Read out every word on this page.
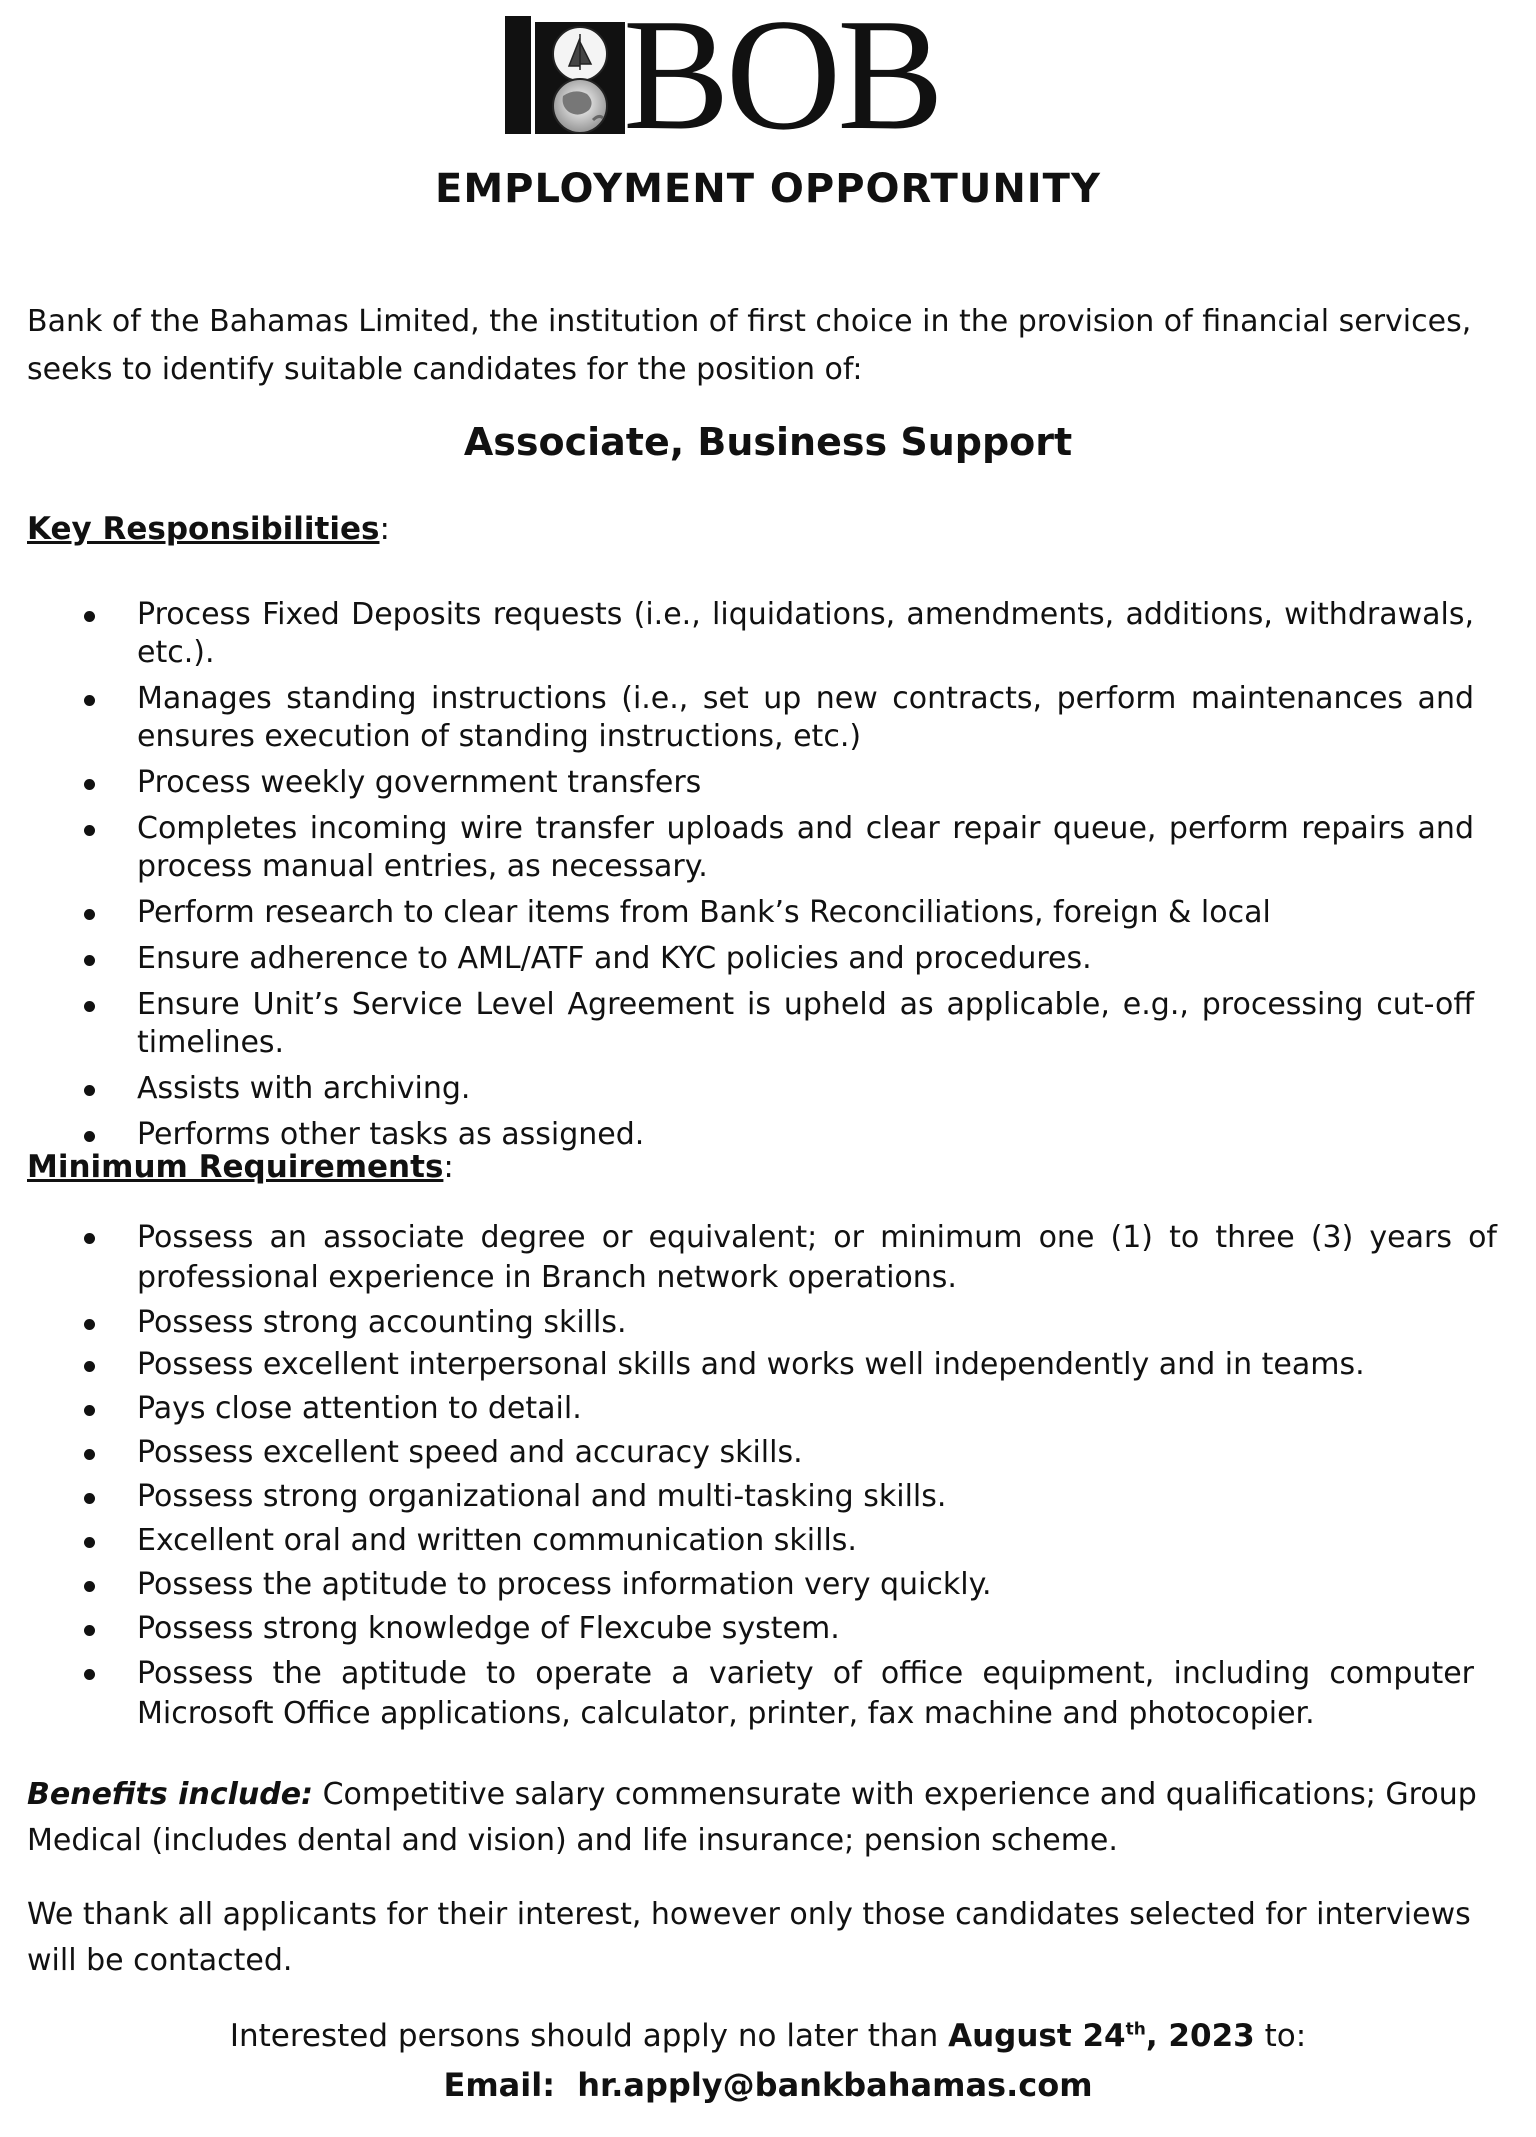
BOB
EMPLOYMENT OPPORTUNITY
Bank of the Bahamas Limited, the institution of first choice in the provision of financial services, seeks to identify suitable candidates for the position of:
Associate, Business Support
Key Responsibilities:
Process Fixed Deposits requests (i.e., liquidations, amendments, additions, withdrawals, etc.).
Manages standing instructions (i.e., set up new contracts, perform maintenances and ensures execution of standing instructions, etc.)
Process weekly government transfers
Completes incoming wire transfer uploads and clear repair queue, perform repairs and process manual entries, as necessary.
Perform research to clear items from Bank’s Reconciliations, foreign & local
Ensure adherence to AML/ATF and KYC policies and procedures.
Ensure Unit’s Service Level Agreement is upheld as applicable, e.g., processing cut-off timelines.
Assists with archiving.
Performs other tasks as assigned.
Minimum Requirements:
Possess an associate degree or equivalent; or minimum one (1) to three (3) years of professional experience in Branch network operations.
Possess strong accounting skills.
Possess excellent interpersonal skills and works well independently and in teams.
Pays close attention to detail.
Possess excellent speed and accuracy skills.
Possess strong organizational and multi-tasking skills.
Excellent oral and written communication skills.
Possess the aptitude to process information very quickly.
Possess strong knowledge of Flexcube system.
Possess the aptitude to operate a variety of office equipment, including computer Microsoft Office applications, calculator, printer, fax machine and photocopier.
Benefits include: Competitive salary commensurate with experience and qualifications; Group Medical (includes dental and vision) and life insurance; pension scheme.
We thank all applicants for their interest, however only those candidates selected for interviews will be contacted.
Interested persons should apply no later than August 24th, 2023 to:
Email: hr.apply@bankbahamas.com
